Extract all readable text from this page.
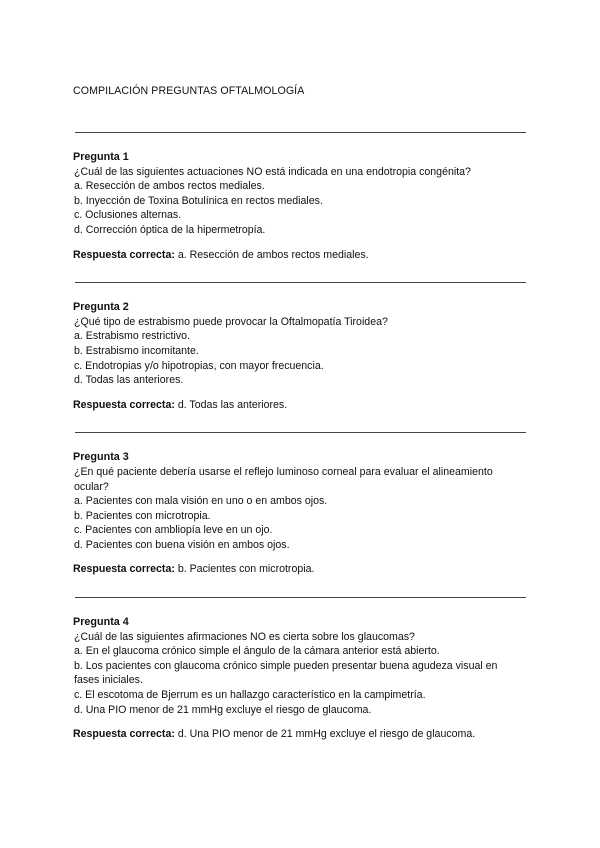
COMPILACIÓN PREGUNTAS OFTALMOLOGÍA

Pregunta 1
¿Cuál de las siguientes actuaciones NO está indicada en una endotropia congénita?
a. Resección de ambos rectos mediales.
b. Inyección de Toxina Botulínica en rectos mediales.
c. Oclusiones alternas.
d. Corrección óptica de la hipermetropía.
Respuesta correcta: a. Resección de ambos rectos mediales.
Pregunta 2
¿Qué tipo de estrabismo puede provocar la Oftalmopatía Tiroidea?
a. Estrabismo restrictivo.
b. Estrabismo incomitante.
c. Endotropias y/o hipotropias, con mayor frecuencia.
d. Todas las anteriores.
Respuesta correcta: d. Todas las anteriores.
Pregunta 3
¿En qué paciente debería usarse el reflejo luminoso corneal para evaluar el alineamiento ocular?
a. Pacientes con mala visión en uno o en ambos ojos.
b. Pacientes con microtropia.
c. Pacientes con ambliopía leve en un ojo.
d. Pacientes con buena visión en ambos ojos.
Respuesta correcta: b. Pacientes con microtropia.
Pregunta 4
¿Cuál de las siguientes afirmaciones NO es cierta sobre los glaucomas?
a. En el glaucoma crónico simple el ángulo de la cámara anterior está abierto.
b. Los pacientes con glaucoma crónico simple pueden presentar buena agudeza visual en fases iniciales.
c. El escotoma de Bjerrum es un hallazgo característico en la campimetría.
d. Una PIO menor de 21 mmHg excluye el riesgo de glaucoma.
Respuesta correcta: d. Una PIO menor de 21 mmHg excluye el riesgo de glaucoma.
